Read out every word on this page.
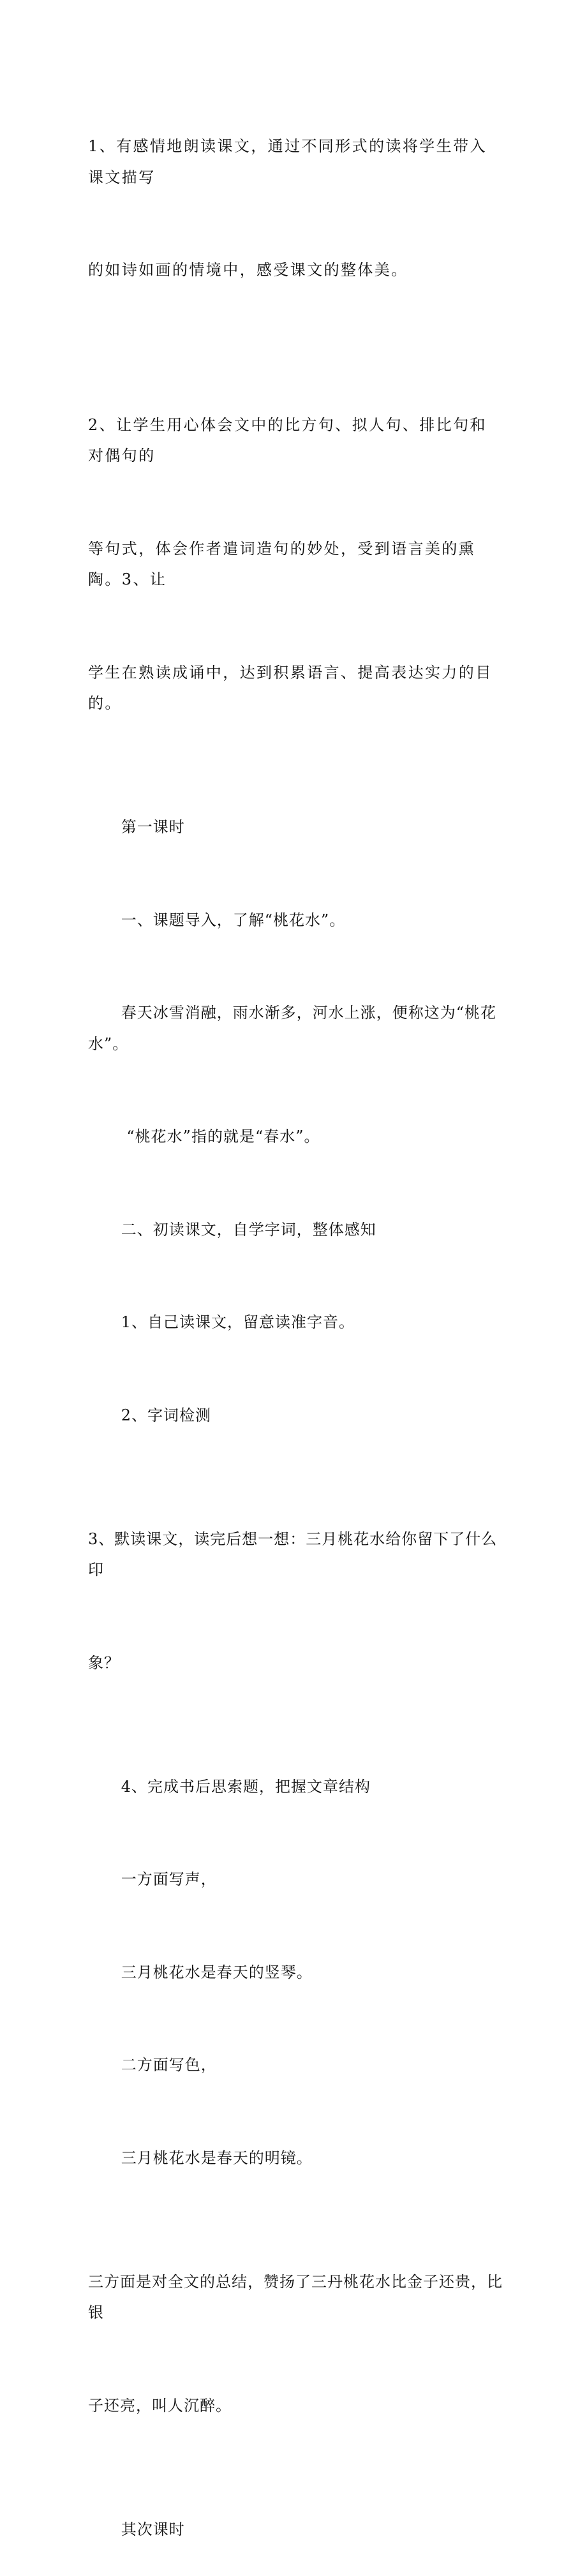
1、有感情地朗读课文，通过不同形式的读将学生带入课文描写

的如诗如画的情境中，感受课文的整体美。

2、让学生用心体会文中的比方句、拟人句、排比句和对偶句的

等句式，体会作者遣词造句的妙处，受到语言美的熏陶。3、让

学生在熟读成诵中，达到积累语言、提高表达实力的目的。

第一课时

一、课题导入，了解“桃花水”。

春天冰雪消融，雨水渐多，河水上涨，便称这为“桃花水”。

“桃花水”指的就是“春水”。

二、初读课文，自学字词，整体感知

1、自己读课文，留意读准字音。

2、字词检测

3、默读课文，读完后想一想：三月桃花水给你留下了什么印

象？

4、完成书后思索题，把握文章结构

一方面写声，

三月桃花水是春天的竖琴。

二方面写色，

三月桃花水是春天的明镜。

三方面是对全文的总结，赞扬了三丹桃花水比金子还贵，比银

子还亮，叫人沉醉。

其次课时
